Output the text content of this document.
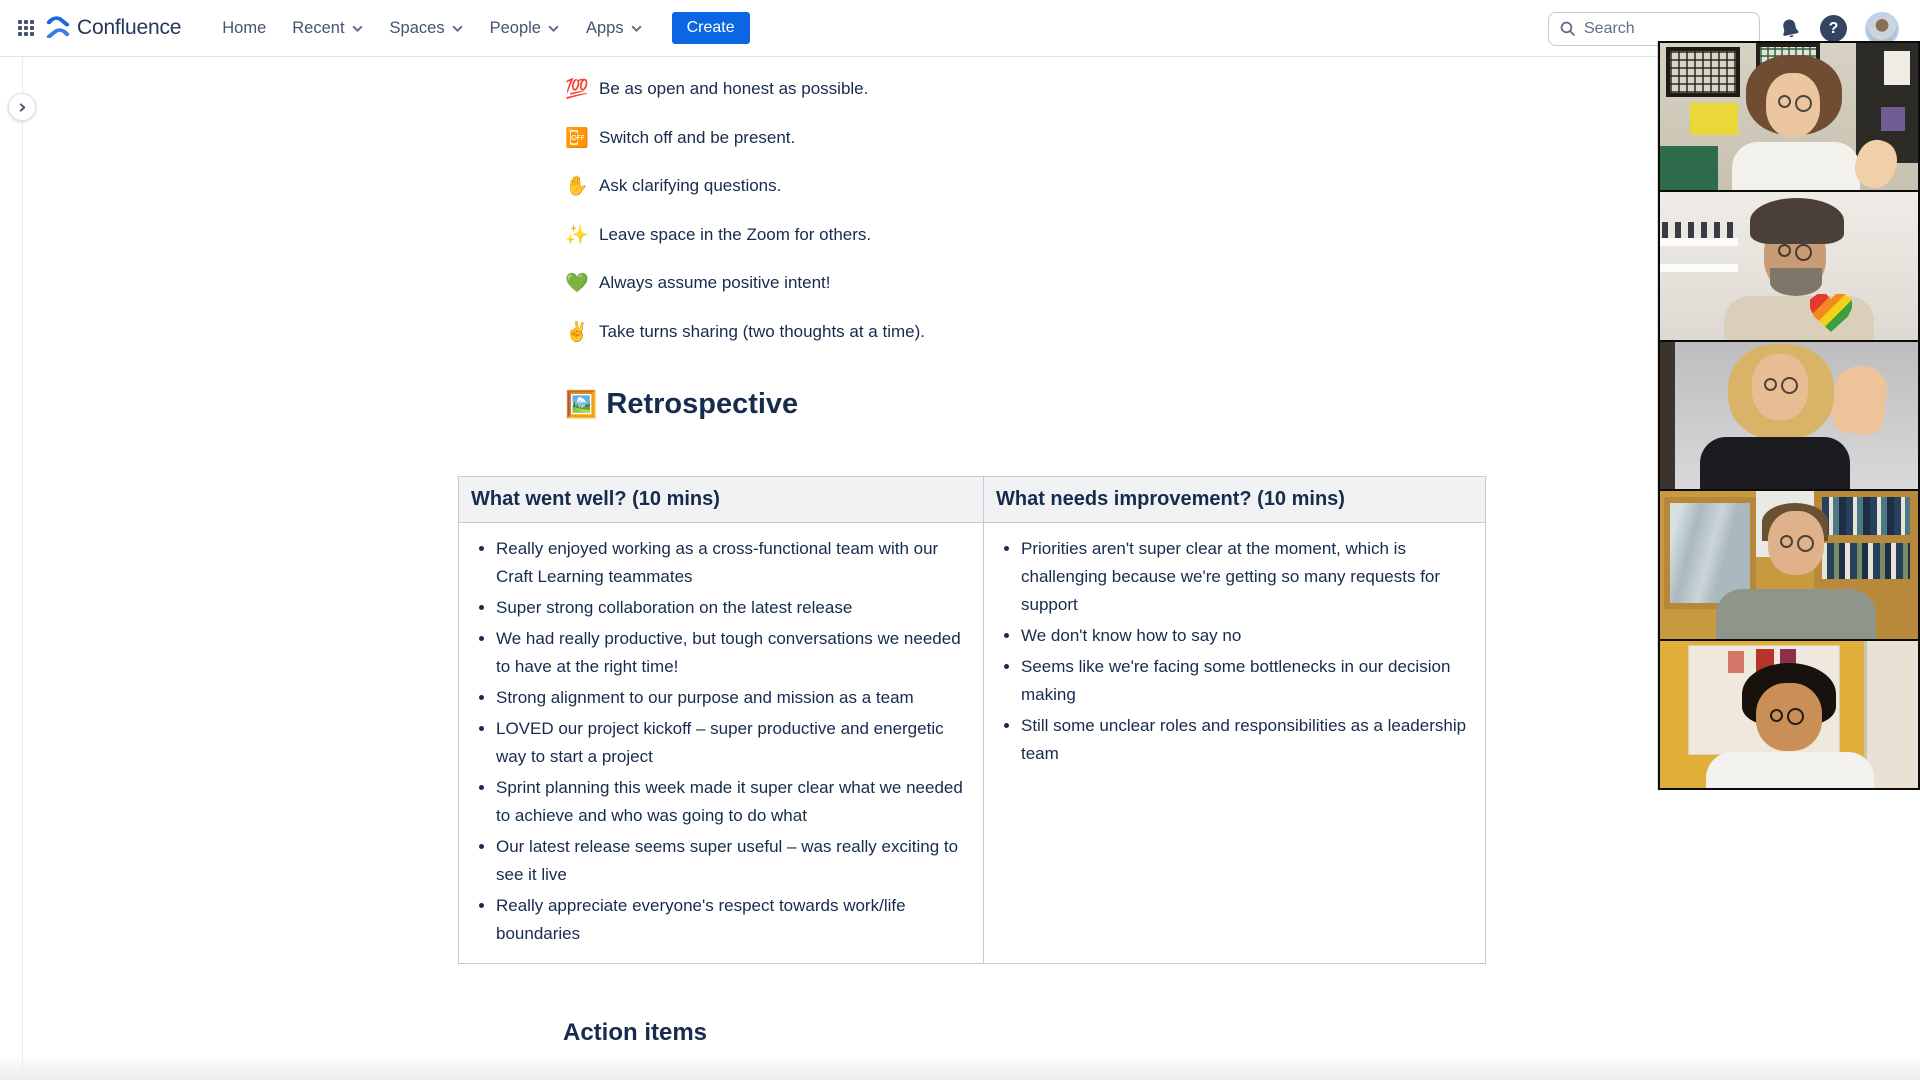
Confluence Home Recent	Spaces	People	Apps	Create
Search	?
💯 Be as open and honest as possible.
📴 Switch off and be present.
✋ Ask clarifying questions.
✨ Leave space in the Zoom for others.
💚 Always assume positive intent!
✌️ Take turns sharing (two thoughts at a time).
🖼️ Retrospective
What went well? (10 mins)	What needs improvement? (10 mins)

• Really enjoyed working as a cross-functional team with our Craft Learning teammates
• Super strong collaboration on the latest release
• We had really productive, but tough conversations we needed to have at the right time!
• Strong alignment to our purpose and mission as a team
• LOVED our project kickoff – super productive and energetic way to start a project
• Sprint planning this week made it super clear what we needed to achieve and who was going to do what
• Our latest release seems super useful – was really exciting to see it live
• Really appreciate everyone's respect towards work/life boundaries

• Priorities aren't super clear at the moment, which is challenging because we're getting so many requests for support
• We don't know how to say no
• Seems like we're facing some bottlenecks in our decision making
• Still some unclear roles and responsibilities as a leadership team
Action items
